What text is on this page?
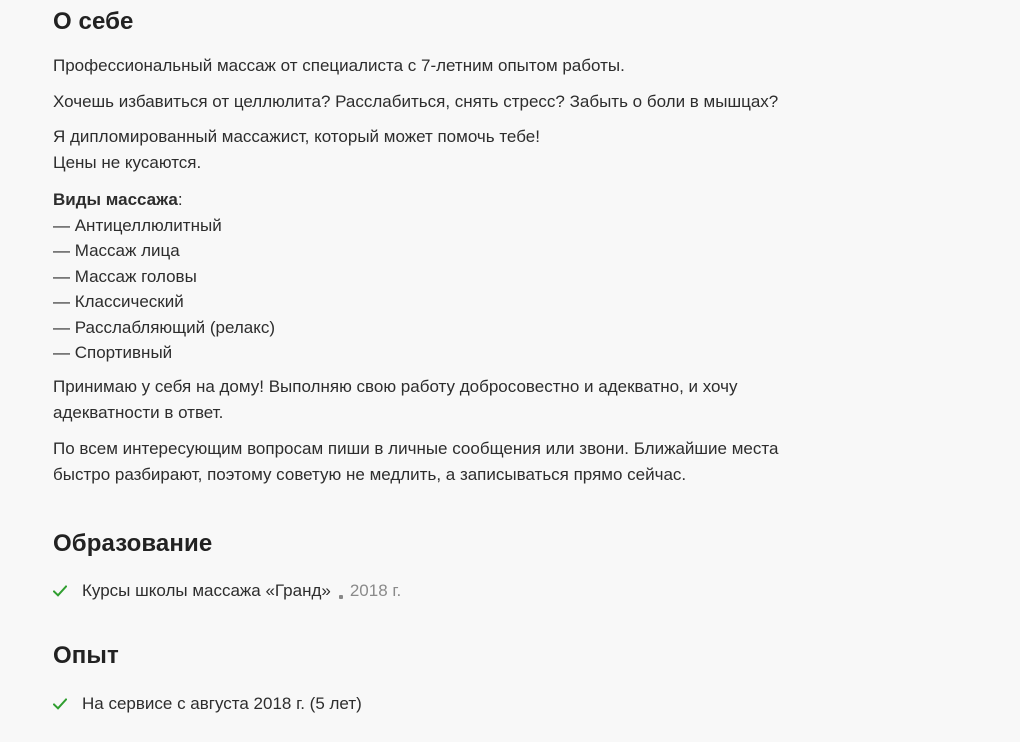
О себе
Профессиональный массаж от специалиста с 7-летним опытом работы.
Хочешь избавиться от целлюлита? Расслабиться, снять стресс? Забыть о боли в мышцах?
Я дипломированный массажист, который может помочь тебе!
Цены не кусаются.
Виды массажа:
— Антицеллюлитный
— Массаж лица
— Массаж головы
— Классический
— Расслабляющий (релакс)
— Спортивный
Принимаю у себя на дому! Выполняю свою работу добросовестно и адекватно, и хочу
адекватности в ответ.
По всем интересующим вопросам пиши в личные сообщения или звони. Ближайшие места
быстро разбирают, поэтому советую не медлить, а записываться прямо сейчас.
Образование
Курсы школы массажа «Гранд» 2018 г.
Опыт
На сервисе с августа 2018 г. (5 лет)
